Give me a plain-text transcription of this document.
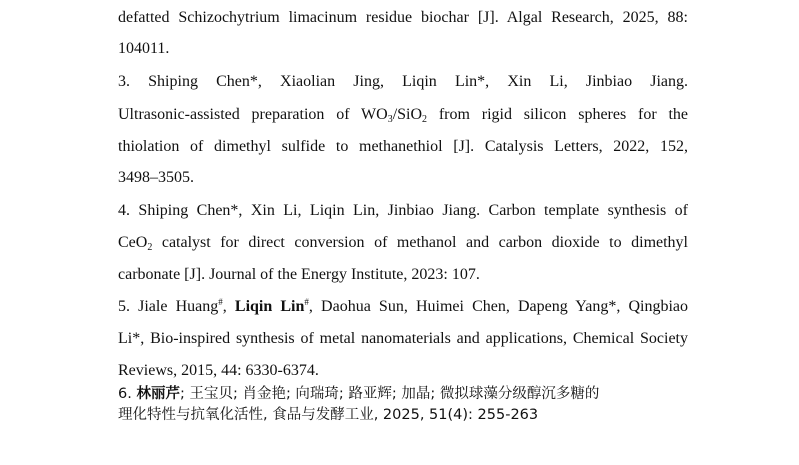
defatted Schizochytrium limacinum residue biochar [J]. Algal Research, 2025, 88:
104011.
3. Shiping Chen*, Xiaolian Jing, Liqin Lin*, Xin Li, Jinbiao Jiang.
Ultrasonic-assisted preparation of $WO_3/SiO_2$ from rigid silicon spheres for the
thiolation of dimethyl sulfide to methanethiol [J]. Catalysis Letters, 2022, 152,
3498–3505.
4. Shiping Chen*, Xin Li, Liqin Lin, Jinbiao Jiang. Carbon template synthesis of
CeO$_2$ catalyst for direct conversion of methanol and carbon dioxide to dimethyl
carbonate [J]. Journal of the Energy Institute, 2023: 107.
5. Jiale Huang#, Liqin Lin#, Daohua Sun, Huimei Chen, Dapeng Yang*, Qingbiao
Li*, Bio-inspired synthesis of metal nanomaterials and applications, Chemical Society
Reviews, 2015, 44: 6330-6374.
6. 林丽芹; 王宝贝; 肖金艳; 向瑞琦; 路亚辉; 加晶; 微拟球藻分级醇沉多糖的
理化特性与抗氧化活性, 食品与发酵工业, 2025, 51(4): 255-263
